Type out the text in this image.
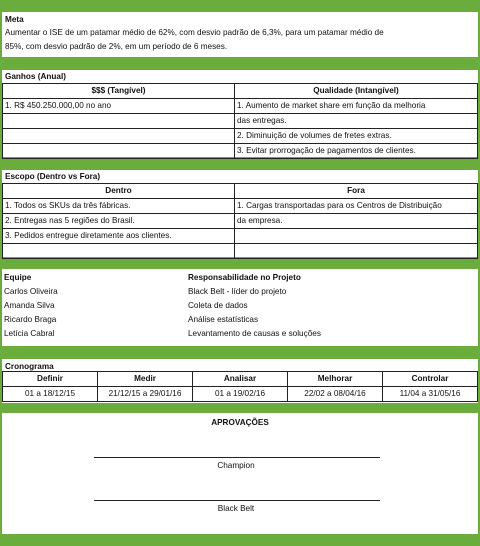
Meta
Aumentar o ISE de um patamar médio de 62%, com desvio padrão de 6,3%, para um patamar médio de
85%, com desvio padrão de 2%, em um período de 6 meses.
Ganhos (Anual)
$$$ (Tangível)	Qualidade (Intangível)
1. R$ 450.250.000,00 no ano	1. Aumento de market share em função da melhoria
	das entregas.
	2. Diminuição de volumes de fretes extras.
	3. Evitar prorrogação de pagamentos de clientes.
Escopo (Dentro vs Fora)
Dentro	Fora
1. Todos os SKUs da três fábricas.	1. Cargas transportadas para os Centros de Distribuição
2. Entregas nas 5 regiões do Brasil.	da empresa.
3. Pedidos entregue diretamente aos clientes.	

Equipe	Responsabilidade no Projeto
Carlos Oliveira	Black Belt - líder do projeto
Amanda Silva	Coleta de dados
Ricardo Braga	Análise estatísticas
Letícia Cabral	Levantamento de causas e soluções
Cronograma
Definir	Medir	Analisar	Melhorar	Controlar
01 a 18/12/15	21/12/15 a 29/01/16	01 a 19/02/16	22/02 a 08/04/16	11/04 a 31/05/16
APROVAÇÕES
Champion
Black Belt
